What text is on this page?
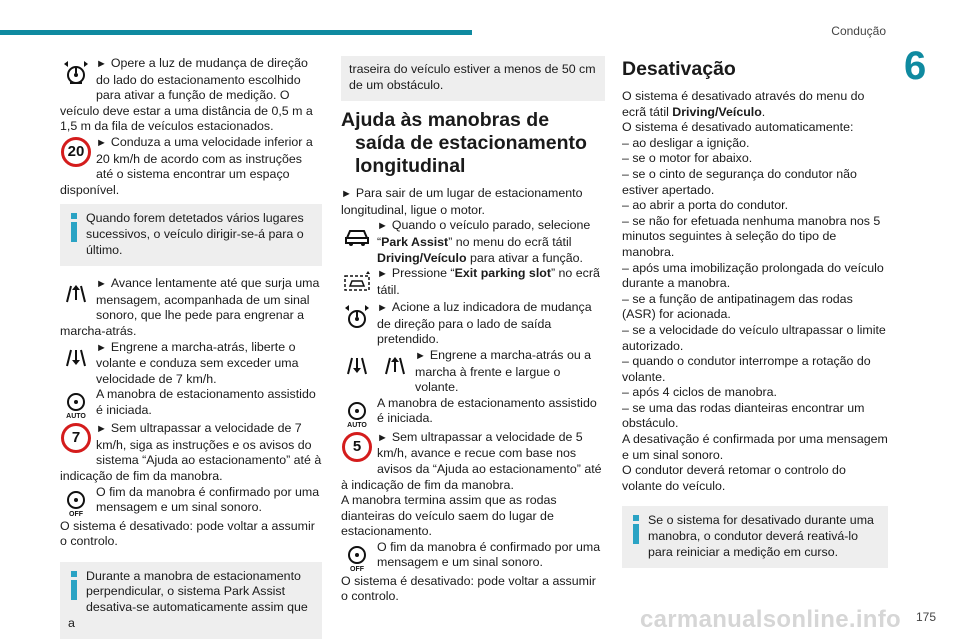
Condução
6
► Opere a luz de mudança de direção do lado do estacionamento escolhido para ativar a função de medição. O veículo deve estar a uma distância de 0,5 m a 1,5 m da fila de veículos estacionados.
20
► Conduza a uma velocidade inferior a 20 km/h de acordo com as instruções até o sistema encontrar um espaço disponível.
Quando forem detetados vários lugares sucessivos, o veículo dirigir-se-á para o último.
► Avance lentamente até que surja uma mensagem, acompanhada de um sinal sonoro, que lhe pede para engrenar a marcha-atrás.
► Engrene a marcha-atrás, liberte o volante e conduza sem exceder uma velocidade de 7 km/h.
AUTO
A manobra de estacionamento assistido é iniciada.
7
► Sem ultrapassar a velocidade de 7 km/h, siga as instruções e os avisos do sistema “Ajuda ao estacionamento” até à indicação de fim da manobra.
OFF
O fim da manobra é confirmado por uma mensagem e um sinal sonoro.
O sistema é desativado: pode voltar a assumir o controlo.
Durante a manobra de estacionamento perpendicular, o sistema Park Assist desativa-se automaticamente assim que a
traseira do veículo estiver a menos de 50 cm de um obstáculo.
Ajuda às manobras de
saída de estacionamento
longitudinal
► Para sair de um lugar de estacionamento longitudinal, ligue o motor.
► Quando o veículo parado, selecione “Park Assist” no menu do ecrã tátil Driving/Veículo para ativar a função.
► Pressione “Exit parking slot” no ecrã tátil.
► Acione a luz indicadora de mudança de direção para o lado de saída pretendido.
► Engrene a marcha-atrás ou a marcha à frente e largue o volante.
AUTO
A manobra de estacionamento assistido é iniciada.
5
► Sem ultrapassar a velocidade de 5 km/h, avance e recue com base nos avisos da “Ajuda ao estacionamento” até à indicação de fim da manobra.
A manobra termina assim que as rodas dianteiras do veículo saem do lugar de estacionamento.
OFF
O fim da manobra é confirmado por uma mensagem e um sinal sonoro.
O sistema é desativado: pode voltar a assumir o controlo.
Desativação
O sistema é desativado através do menu do ecrã tátil Driving/Veículo.
O sistema é desativado automaticamente:
– ao desligar a ignição.
– se o motor for abaixo.
– se o cinto de segurança do condutor não estiver apertado.
– ao abrir a porta do condutor.
– se não for efetuada nenhuma manobra nos 5 minutos seguintes à seleção do tipo de manobra.
– após uma imobilização prolongada do veículo durante a manobra.
– se a função de antipatinagem das rodas (ASR) for acionada.
– se a velocidade do veículo ultrapassar o limite autorizado.
– quando o condutor interrompe a rotação do volante.
– após 4 ciclos de manobra.
– se uma das rodas dianteiras encontrar um obstáculo.
A desativação é confirmada por uma mensagem e um sinal sonoro.
O condutor deverá retomar o controlo do volante do veículo.
Se o sistema for desativado durante uma manobra, o condutor deverá reativá-lo para reiniciar a medição em curso.
carmanualsonline.info 175
